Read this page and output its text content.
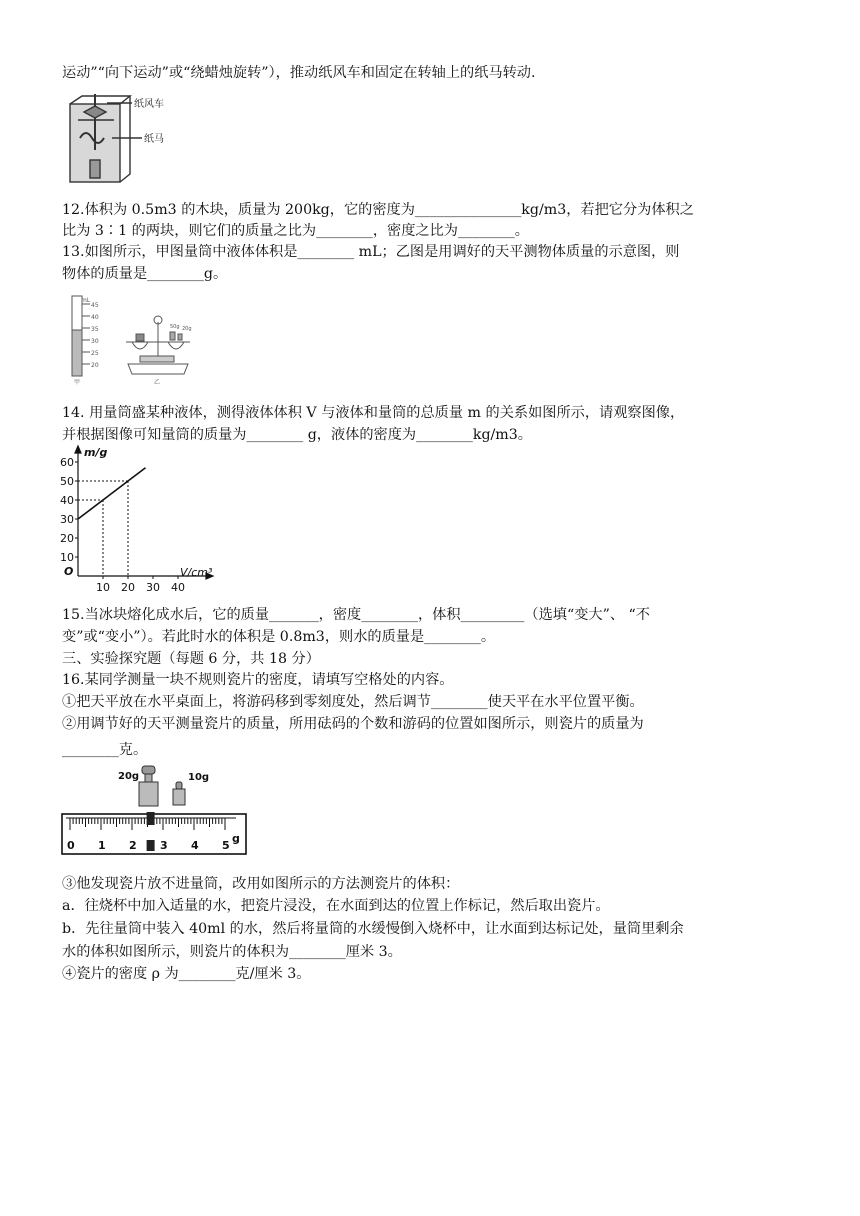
运动”“向下运动”或“绕蜡烛旋转”），推动纸风车和固定在转轴上的纸马转动.
12.体积为 0.5m3 的木块，质量为 200kg，它的密度为_______________kg/m3，若把它分为体积之
比为 3∶1 的两块，则它们的质量之比为________，密度之比为________。
13.如图所示，甲图量筒中液体体积是________ mL；乙图是用调好的天平测物体质量的示意图，则
物体的质量是________g。
14. 用量筒盛某种液体，测得液体体积 V 与液体和量筒的总质量 m 的关系如图所示，请观察图像，
并根据图像可知量筒的质量为________ g，液体的密度为________kg/m3。
15.当冰块熔化成水后，它的质量_______，密度________，体积_________（选填“变大”、 “不
变”或“变小”）。若此时水的体积是 0.8m3，则水的质量是________。
三、实验探究题（每题 6 分，共 18 分）
16.某同学测量一块不规则瓷片的密度，请填写空格处的内容。
①把天平放在水平桌面上，将游码移到零刻度处，然后调节________使天平在水平位置平衡。
②用调节好的天平测量瓷片的质量，所用砝码的个数和游码的位置如图所示，则瓷片的质量为
________克。
③他发现瓷片放不进量筒，改用如图所示的方法测瓷片的体积：
a．往烧杯中加入适量的水，把瓷片浸没，在水面到达的位置上作标记，然后取出瓷片。
b．先往量筒中装入 40ml 的水，然后将量筒的水缓慢倒入烧杯中，让水面到达标记处，量筒里剩余
水的体积如图所示，则瓷片的体积为________厘米 3。
④瓷片的密度 ρ 为________克/厘米 3。
纸风车
纸马
mL
45
40
35
30
25
20
甲
50g 20g
乙
m/g
V/cm³
O
10
20
30
40
50
60
10 20 30 40
20g	10g
0 1 2 3 4 5
g
